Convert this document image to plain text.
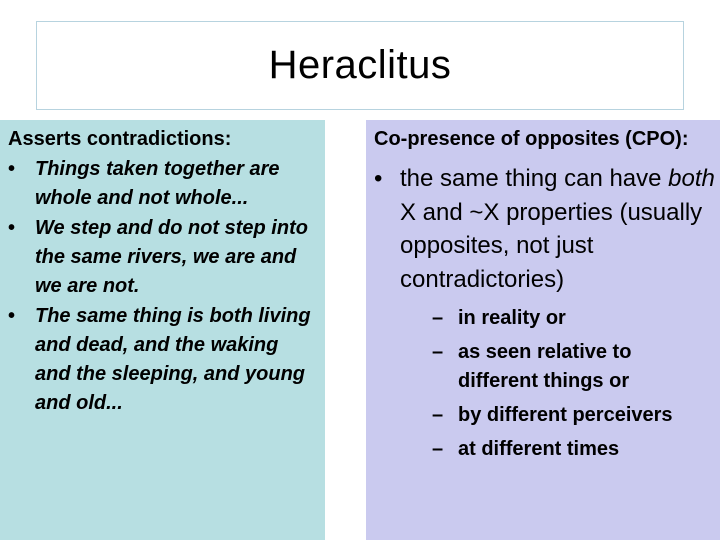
Heraclitus

Asserts contradictions:

• Things taken together are whole and not whole...
• We step and do not step into the same rivers, we are and we are not.
• The same thing is both living and dead, and the waking and the sleeping, and young and old...

Co-presence of opposites (CPO):

• the same thing can have both X and ~X properties (usually opposites, not just contradictories)
– in reality or
– as seen relative to different things or
– by different perceivers
– at different times
